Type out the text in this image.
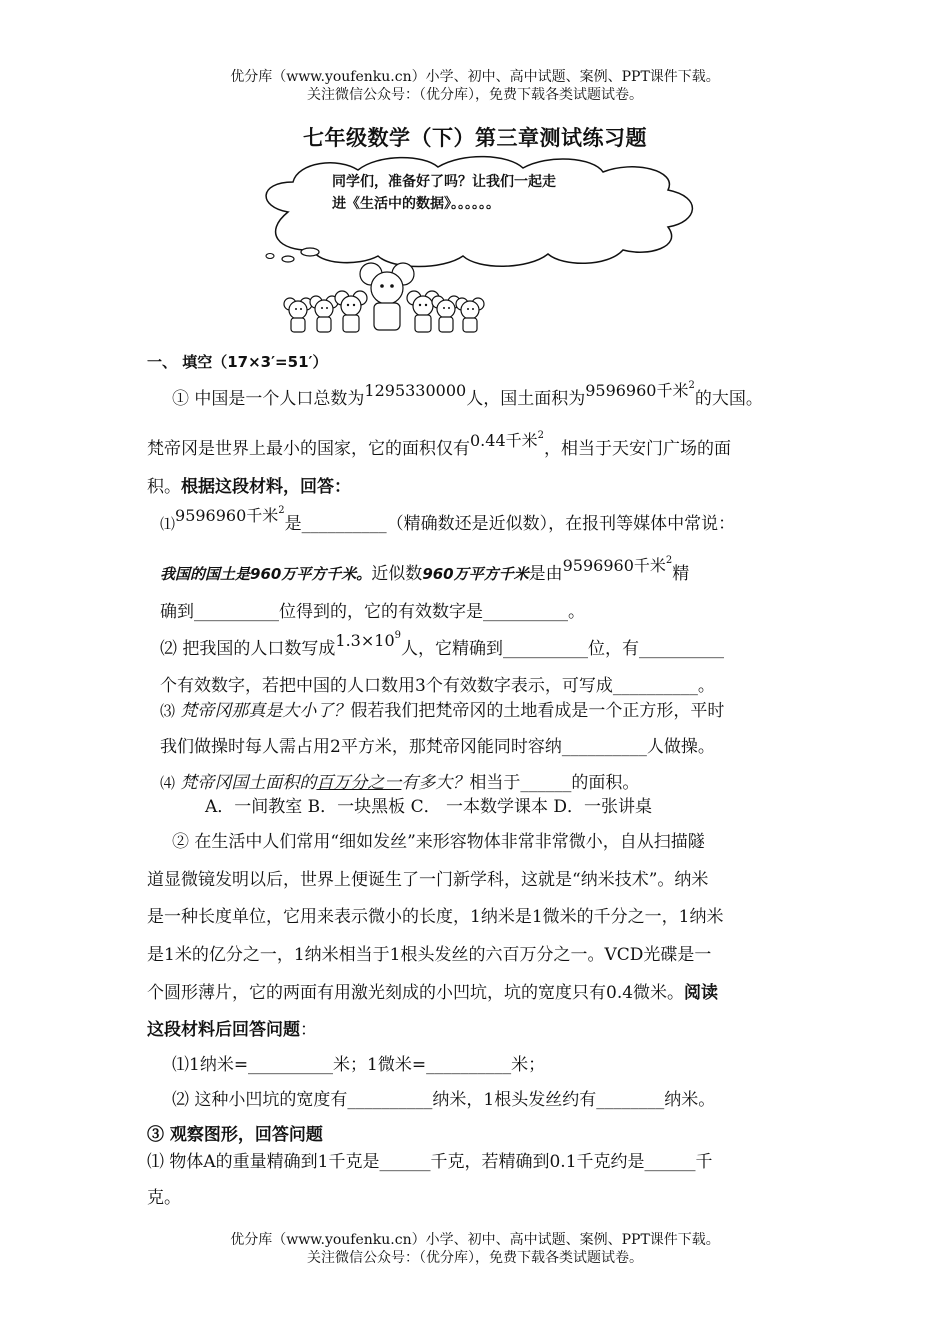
优分库（www.youfenku.cn）小学、初中、高中试题、案例、PPT课件下载。
关注微信公众号：（优分库），免费下载各类试题试卷。
七年级数学（下）第三章测试练习题
同学们，准备好了吗？让我们一起走
进《生活中的数据》。。。。。。
一、 填空（17×3′=51′）
① 中国是一个人口总数为1295330000人，国土面积为9596960千米$^2$的大国。
梵帝冈是世界上最小的国家，它的面积仅有0.44千米$^2$，相当于天安门广场的面
积。根据这段材料，回答：
⑴9596960千米$^2$是__________（精确数还是近似数），在报刊等媒体中常说：
我国的国土是960万平方千米。近似数960万平方千米是由9596960千米$^2$精
确到__________位得到的，它的有效数字是__________。
⑵ 把我国的人口数写成$1.3\times 10^9$人，它精确到__________位，有__________
个有效数字，若把中国的人口数用3个有效数字表示，可写成__________。
⑶ 梵帝冈那真是大小了？假若我们把梵帝冈的土地看成是一个正方形，平时
我们做操时每人需占用2平方米，那梵帝冈能同时容纳__________人做操。
⑷ 梵帝冈国土面积的百万分之一有多大？相当于______的面积。
A．一间教室 B．一块黑板 C． 一本数学课本 D．一张讲桌
② 在生活中人们常用“细如发丝”来形容物体非常非常微小，自从扫描隧
道显微镜发明以后，世界上便诞生了一门新学科，这就是“纳米技术”。纳米
是一种长度单位，它用来表示微小的长度，1纳米是1微米的千分之一，1纳米
是1米的亿分之一，1纳米相当于1根头发丝的六百万分之一。VCD光碟是一
个圆形薄片，它的两面有用激光刻成的小凹坑，坑的宽度只有0.4微米。阅读
这段材料后回答问题：
⑴1纳米=__________米；1微米=__________米；
⑵ 这种小凹坑的宽度有__________纳米，1根头发丝约有________纳米。
③ 观察图形，回答问题
⑴ 物体A的重量精确到1千克是______千克，若精确到0.1千克约是______千
克。
优分库（www.youfenku.cn）小学、初中、高中试题、案例、PPT课件下载。
关注微信公众号：（优分库），免费下载各类试题试卷。
